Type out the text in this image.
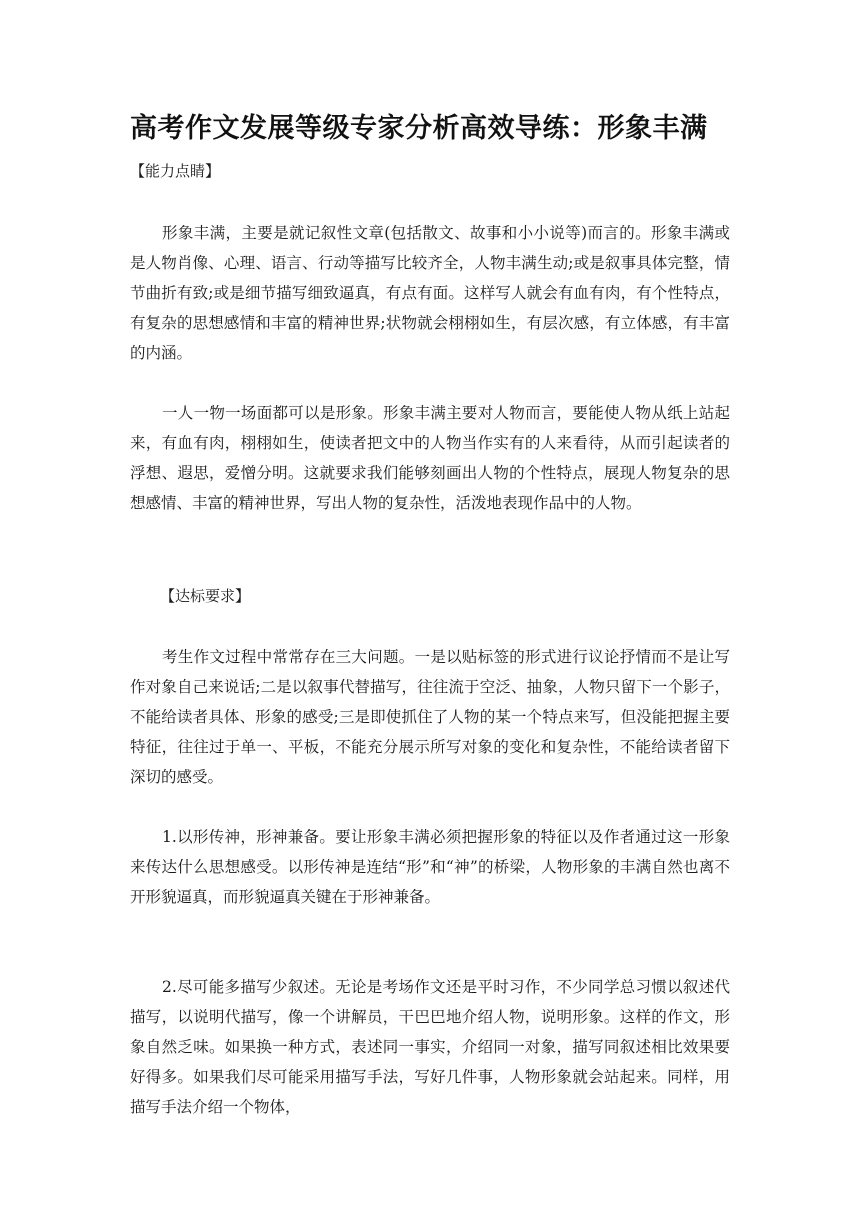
高考作文发展等级专家分析高效导练：形象丰满
【能力点睛】

形象丰满，主要是就记叙性文章(包括散文、故事和小小说等)而言的。形象丰满或是人物肖像、心理、语言、行动等描写比较齐全，人物丰满生动;或是叙事具体完整，情节曲折有致;或是细节描写细致逼真，有点有面。这样写人就会有血有肉，有个性特点，有复杂的思想感情和丰富的精神世界;状物就会栩栩如生，有层次感，有立体感，有丰富的内涵。

一人一物一场面都可以是形象。形象丰满主要对人物而言，要能使人物从纸上站起来，有血有肉，栩栩如生，使读者把文中的人物当作实有的人来看待，从而引起读者的浮想、遐思，爱憎分明。这就要求我们能够刻画出人物的个性特点，展现人物复杂的思想感情、丰富的精神世界，写出人物的复杂性，活泼地表现作品中的人物。

【达标要求】

考生作文过程中常常存在三大问题。一是以贴标签的形式进行议论抒情而不是让写作对象自己来说话;二是以叙事代替描写，往往流于空泛、抽象，人物只留下一个影子，不能给读者具体、形象的感受;三是即使抓住了人物的某一个特点来写，但没能把握主要特征，往往过于单一、平板，不能充分展示所写对象的变化和复杂性，不能给读者留下深切的感受。

1.以形传神，形神兼备。要让形象丰满必须把握形象的特征以及作者通过这一形象来传达什么思想感受。以形传神是连结“形”和“神”的桥梁，人物形象的丰满自然也离不开形貌逼真，而形貌逼真关键在于形神兼备。

2.尽可能多描写少叙述。无论是考场作文还是平时习作，不少同学总习惯以叙述代描写，以说明代描写，像一个讲解员，干巴巴地介绍人物，说明形象。这样的作文，形象自然乏味。如果换一种方式，表述同一事实，介绍同一对象，描写同叙述相比效果要好得多。如果我们尽可能采用描写手法，写好几件事，人物形象就会站起来。同样，用描写手法介绍一个物体，
